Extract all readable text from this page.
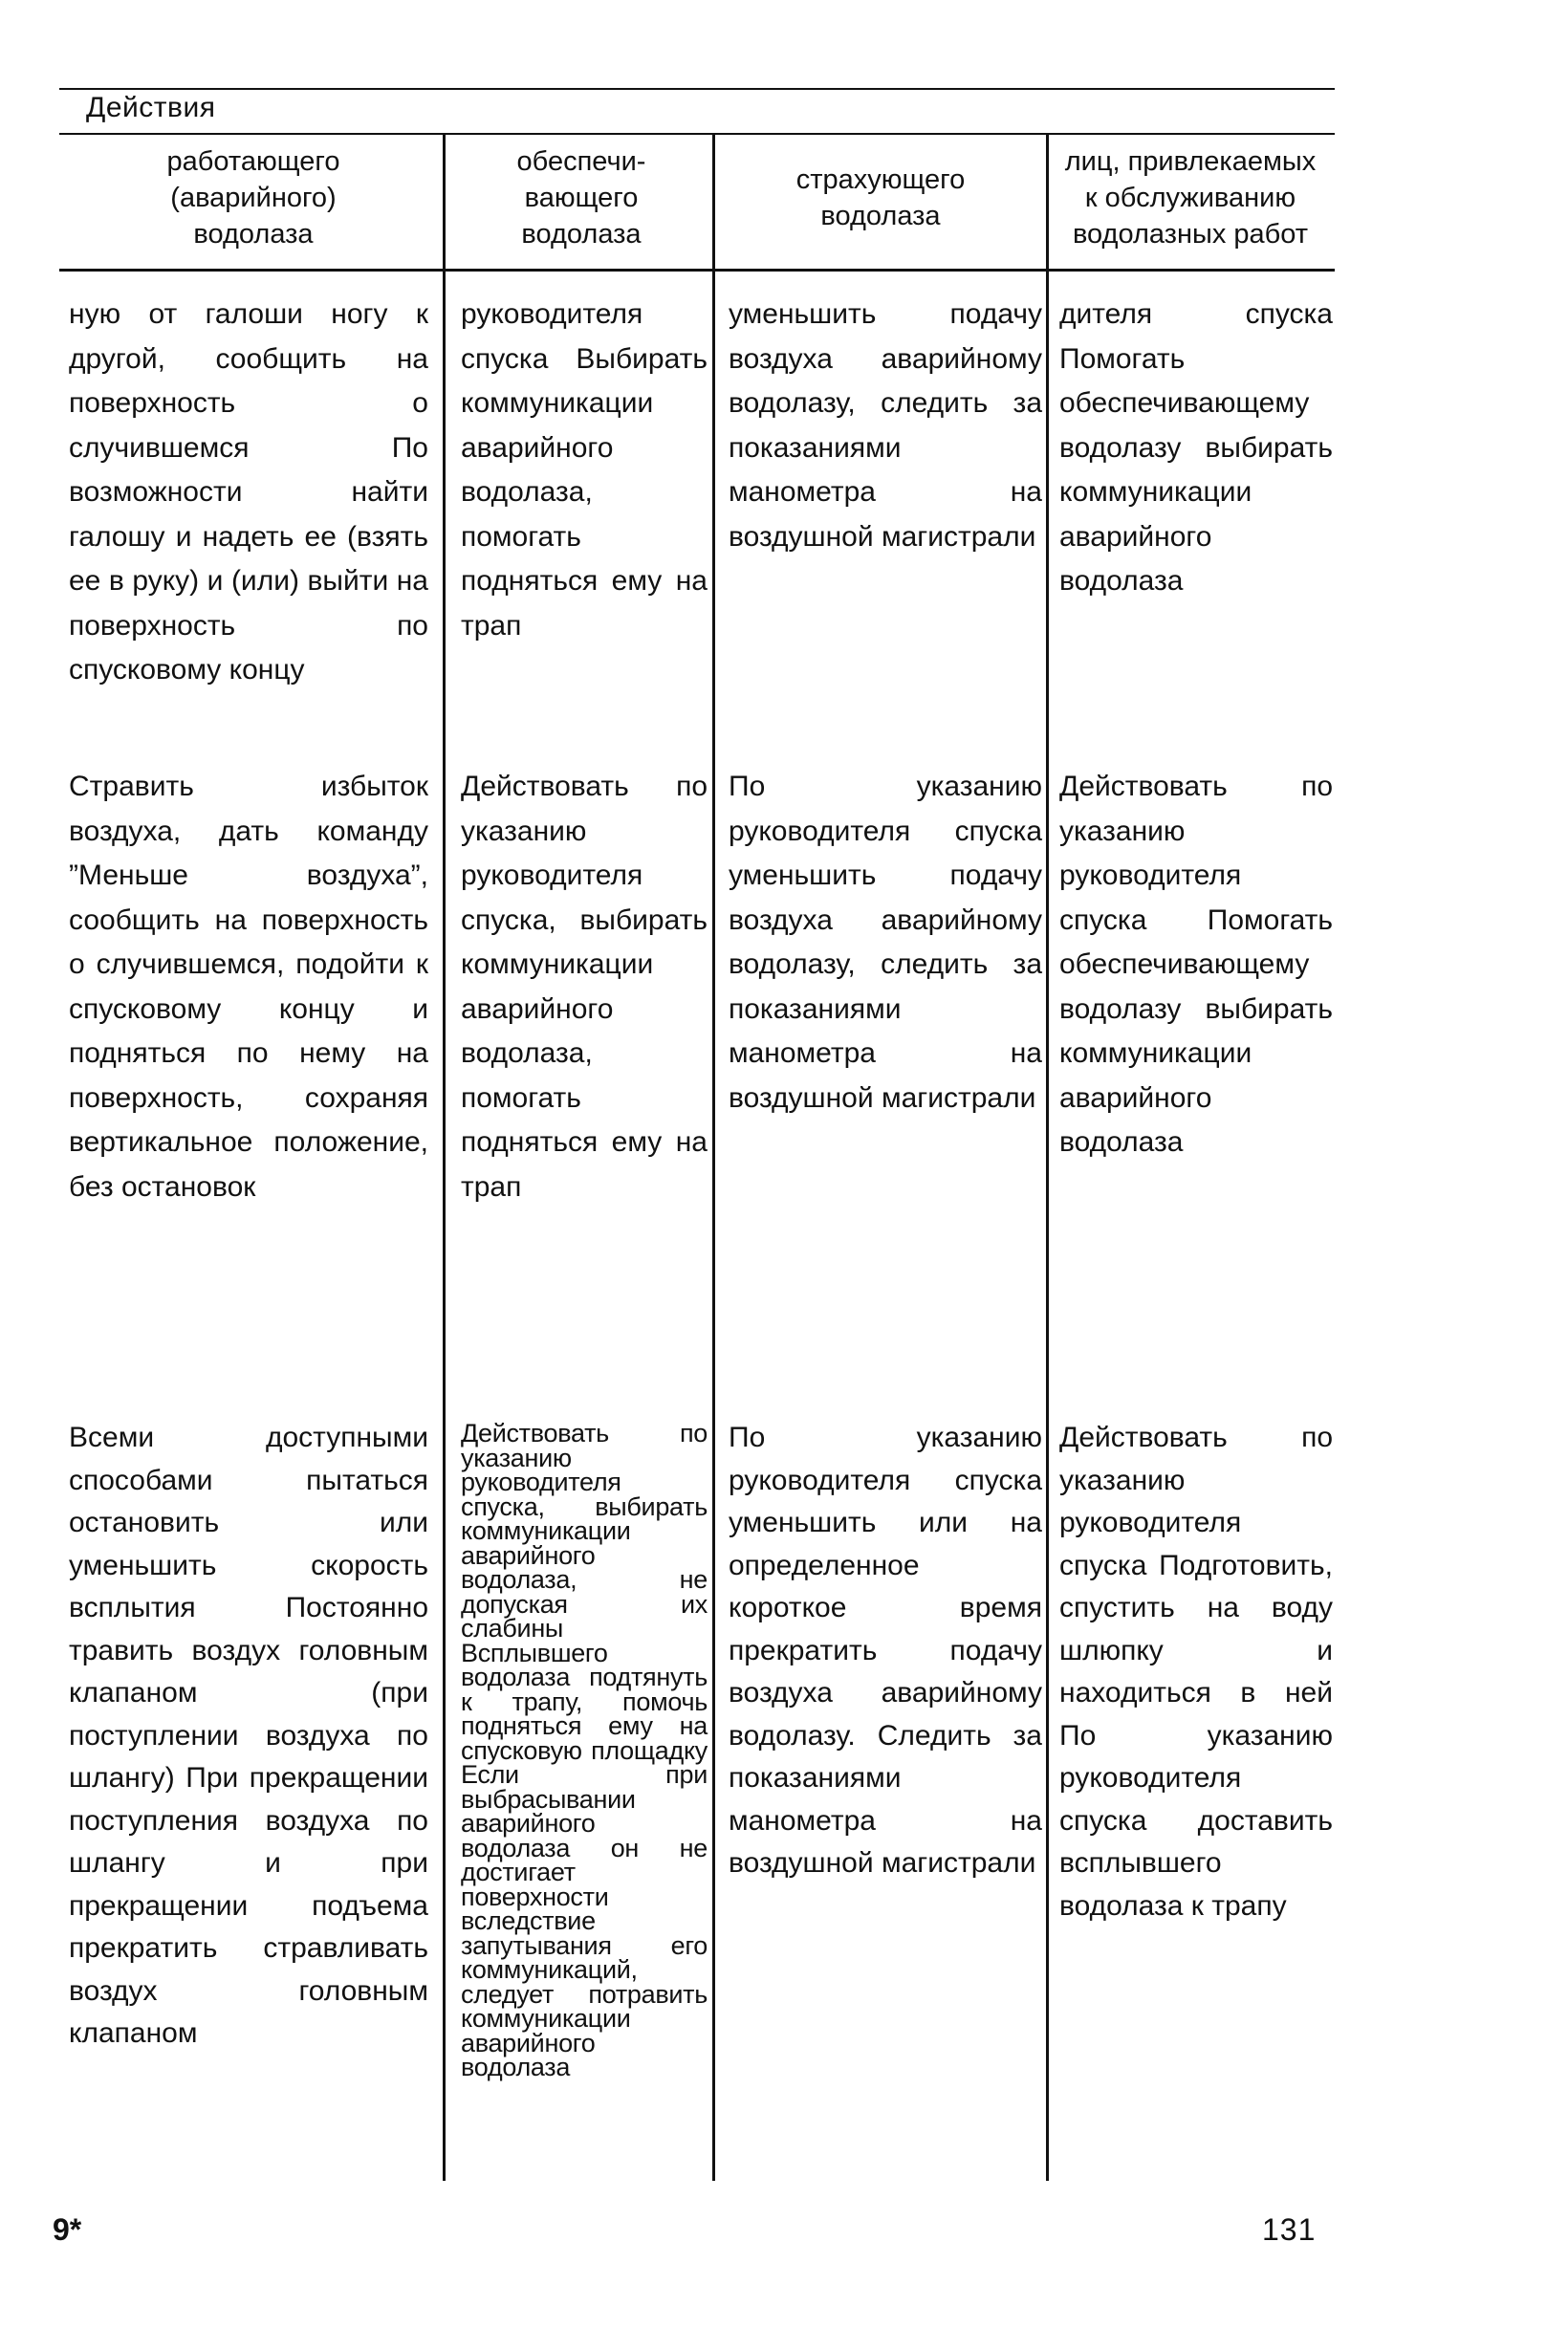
Действия
работающего
(аварийного)
водолаза
обеспечи-
вающего
водолаза
страхующего
водолаза
лиц, привлекаемых
к обслуживанию
водолазных работ
ную от галоши ногу к другой, сообщить на поверхность о случившемся По возможности найти галошу и надеть ее (взять ее в руку) и (или) выйти на поверхность по спусковому концу
руководителя спуска Выбирать коммуникации аварийного водолаза, помогать подняться ему на трап
уменьшить подачу воздуха аварийному водолазу, следить за показаниями манометра на воздушной магистрали
дителя спуска Помогать обеспечивающему водолазу выбирать коммуникации аварийного водолаза
Стравить избыток воздуха, дать команду ”Меньше воздуха”, сообщить на поверхность о случившемся, подойти к спусковому концу и подняться по нему на поверхность, сохраняя вертикальное положение, без остановок
Действовать по указанию руководителя спуска, выбирать коммуникации аварийного водолаза, помогать подняться ему на трап
По указанию руководителя спуска уменьшить подачу воздуха аварийному водолазу, следить за показаниями манометра на воздушной магистрали
Действовать по указанию руководителя спуска Помогать обеспечивающему водолазу выбирать коммуникации аварийного водолаза
Всеми доступными способами пытаться остановить или уменьшить скорость всплытия Постоянно травить воздух головным клапаном (при поступлении воздуха по шлангу) При прекращении поступления воздуха по шлангу и при прекращении подъема прекратить стравливать воздух головным клапаном
Действовать по указанию руководителя спуска, выбирать коммуникации аварийного водолаза, не допуская их слабины Всплывшего водолаза подтянуть к трапу, помочь подняться ему на спусковую площадку Если при выбрасывании аварийного водолаза он не достигает поверхности вследствие запутывания его коммуникаций, следует потравить коммуникации аварийного водолаза
По указанию руководителя спуска уменьшить или на определенное короткое время прекратить подачу воздуха аварийному водолазу. Следить за показаниями манометра на воздушной магистрали
Действовать по указанию руководителя спуска Подготовить, спустить на воду шлюпку и находиться в ней По указанию руководителя спуска доставить всплывшего водолаза к трапу
9*	131
